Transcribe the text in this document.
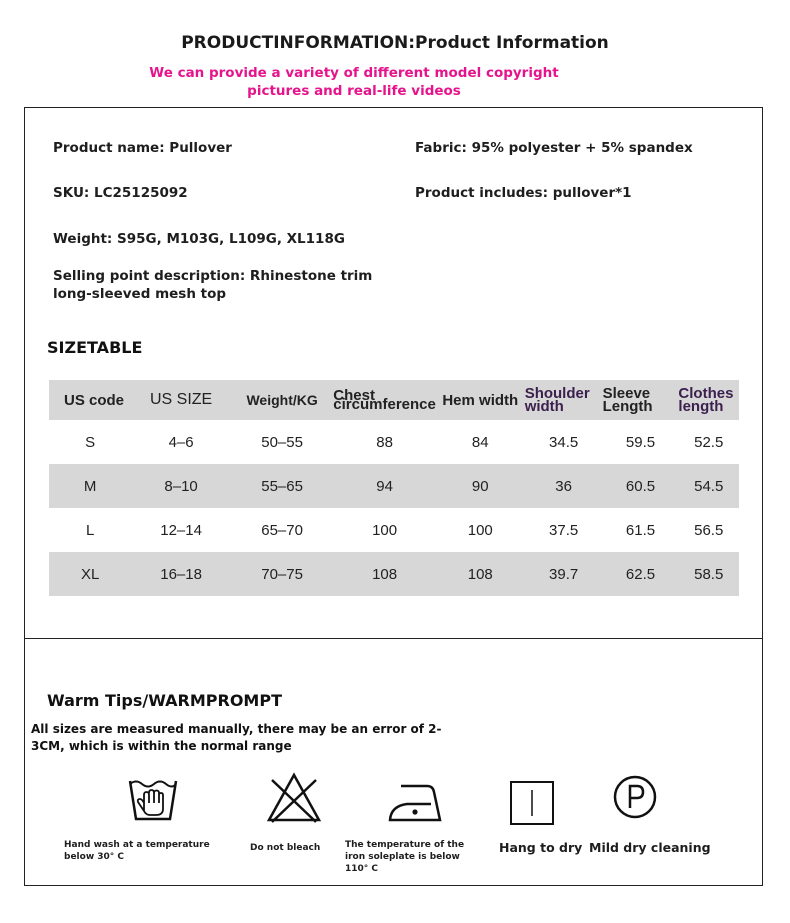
PRODUCTINFORMATION:Product Information
We can provide a variety of different model copyright pictures and real-life videos
Product name: Pullover	Fabric: 95% polyester + 5% spandex
SKU: LC25125092	Product includes: pullover*1
Weight: S95G, M103G, L109G, XL118G
Selling point description: Rhinestone trim long-sleeved mesh top
SIZETABLE
US code	US SIZE	Weight/KG	Chest circumference	Hem width	Shoulder width	Sleeve Length	Clothes length
S	4–6	50–55	88	84	34.5	59.5	52.5
M	8–10	55–65	94	90	36	60.5	54.5
L	12–14	65–70	100	100	37.5	61.5	56.5
XL	16–18	70–75	108	108	39.7	62.5	58.5
Warm Tips/WARMPROMPT
All sizes are measured manually, there may be an error of 2-3CM, which is within the normal range
Hand wash at a temperature below 30° C
Do not bleach	The temperature of the iron soleplate is below 110° C
Hang to dry Mild dry cleaning
